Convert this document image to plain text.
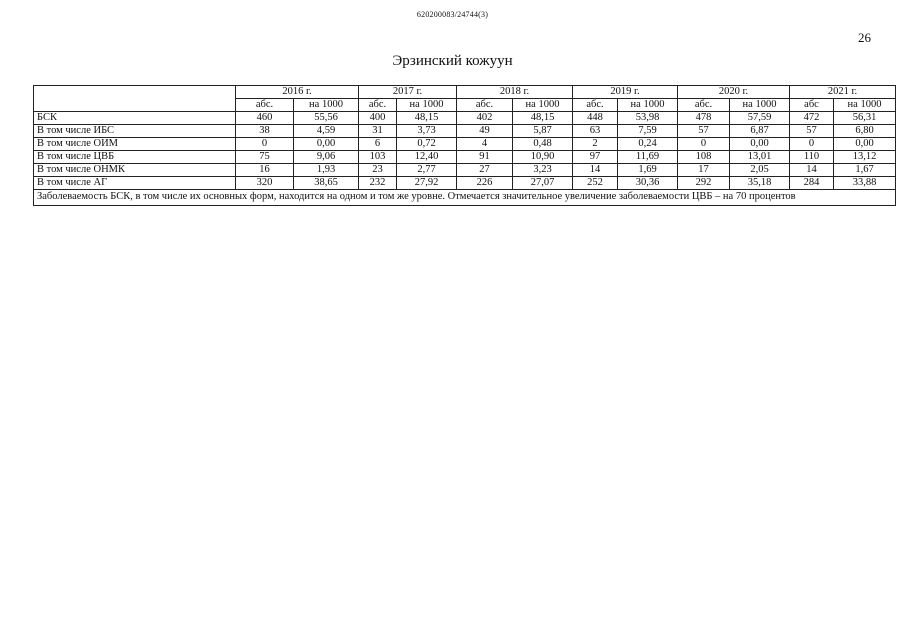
620200083/24744(3)
26
Эрзинский кожуун
	2016 г.		2017 г.		2018 г.		2019 г.		2020 г.		2021 г.	
	абс.	на 1000	абс.	на 1000	абс.	на 1000	абс.	на 1000	абс.	на 1000	абс	на 1000
БСК	460	55,56	400	48,15	402	48,15	448	53,98	478	57,59	472	56,31
В том числе ИБС	38	4,59	31	3,73	49	5,87	63	7,59	57	6,87	57	6,80
В том числе ОИМ	0	0,00	6	0,72	4	0,48	2	0,24	0	0,00	0	0,00
В том числе ЦВБ	75	9,06	103	12,40	91	10,90	97	11,69	108	13,01	110	13,12
В том числе ОНМК	16	1,93	23	2,77	27	3,23	14	1,69	17	2,05	14	1,67
В том числе АГ	320	38,65	232	27,92	226	27,07	252	30,36	292	35,18	284	33,88
Заболеваемость БСК, в том числе их основных форм, находится на одном и том же уровне. Отмечается значительное увеличение заболеваемости ЦВБ – на 70 процентов												
